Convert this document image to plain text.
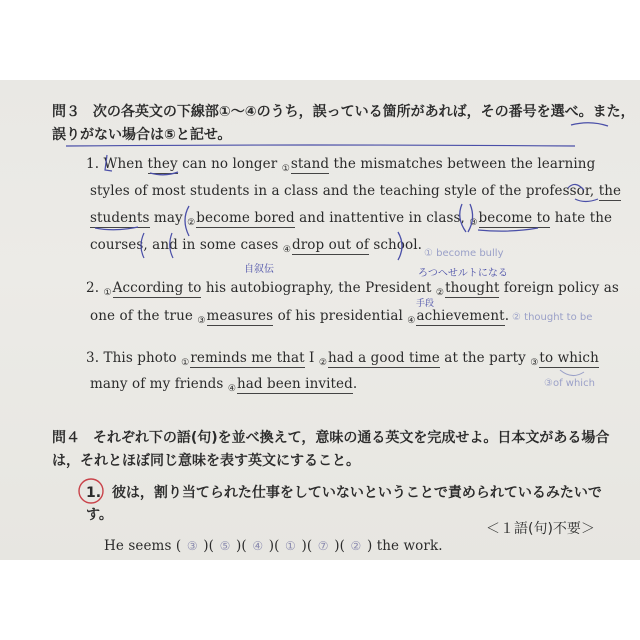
問３ 次の各英文の下線部①～④のうち，誤っている箇所があれば，その番号を選べ。また，
誤りがない場合は⑤と記せ。
1. When they can no longer $_①$stand the mismatches between the learning
styles of most students in a class and the teaching style of the professor, the
students may $_②$become bored and inattentive in class, $_③$become to hate the
courses, and in some cases $_④$drop out of school.
2. $_①$According to his autobiography, the President $_②$thought foreign policy as
one of the true $_③$measures of his presidential $_④$achievement.
3. This photo $_①$reminds me that I $_②$had a good time at the party $_③$to which
many of my friends $_④$had been invited.
問４ それぞれ下の語(句)を並べ換えて，意味の通る英文を完成せよ。日本文がある場合
は，それとほぼ同じ意味を表す英文にすること。
1. 彼は，割り当てられた仕事をしていないということで責められているみたいで
す。
＜１語(句)不要＞
He seems ( ③ )( ⑤ )( ④ )( ① )( ⑦ )( ② ) the work.
① become bully
ろつへせルトになる
自叙伝
手段
② thought to be
③of which
